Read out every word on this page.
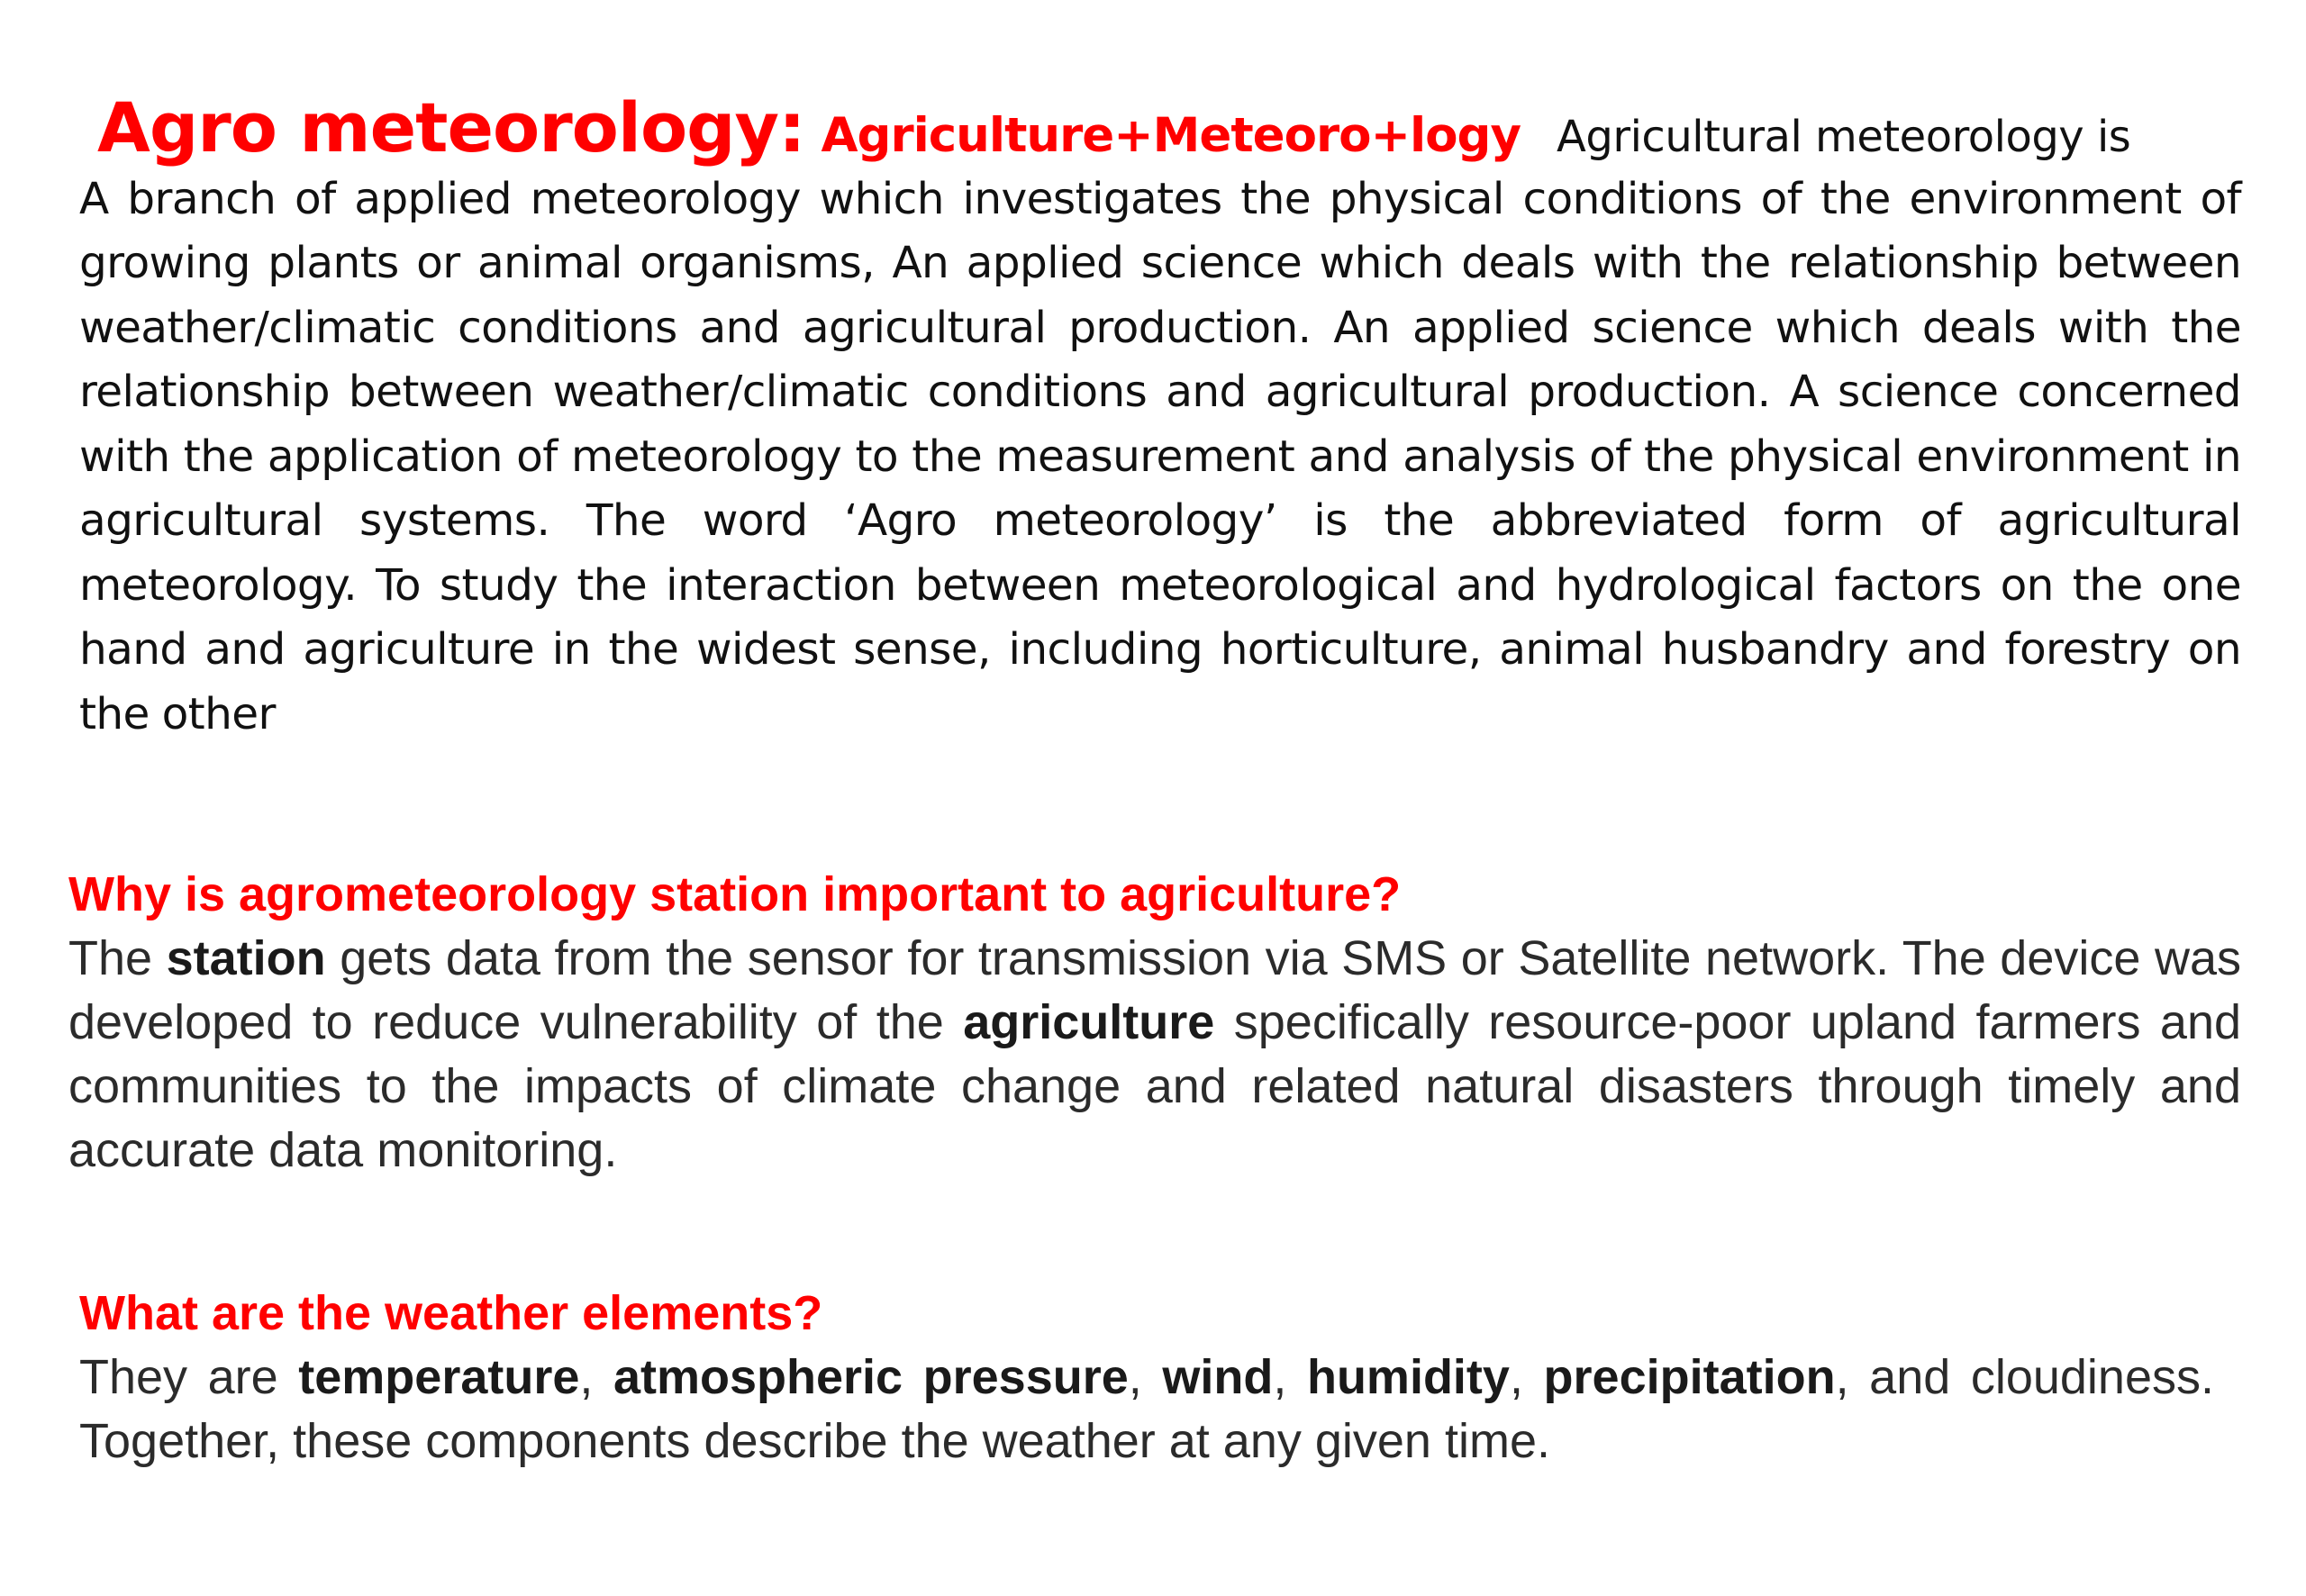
Agro meteorology: Agriculture+Meteoro+logy Agricultural meteorology is

A branch of applied meteorology which investigates the physical conditions of the environment of growing plants or animal organisms, An applied science which deals with the relationship between weather/climatic conditions and agricultural production. An applied science which deals with the relationship between weather/climatic conditions and agricultural production. A science concerned with the application of meteorology to the measurement and analysis of the physical environment in agricultural systems. The word ‘Agro meteorology’ is the abbreviated form of agricultural meteorology. To study the interaction between meteorological and hydrological factors on the one hand and agriculture in the widest sense, including horticulture, animal husbandry and forestry on the other

Why is agrometeorology station important to agriculture?

The station gets data from the sensor for transmission via SMS or Satellite network. The device was developed to reduce vulnerability of the agriculture specifically resource-poor upland farmers and communities to the impacts of climate change and related natural disasters through timely and accurate data monitoring.

What are the weather elements?

They are temperature, atmospheric pressure, wind, humidity, precipitation, and cloudiness. Together, these components describe the weather at any given time.
